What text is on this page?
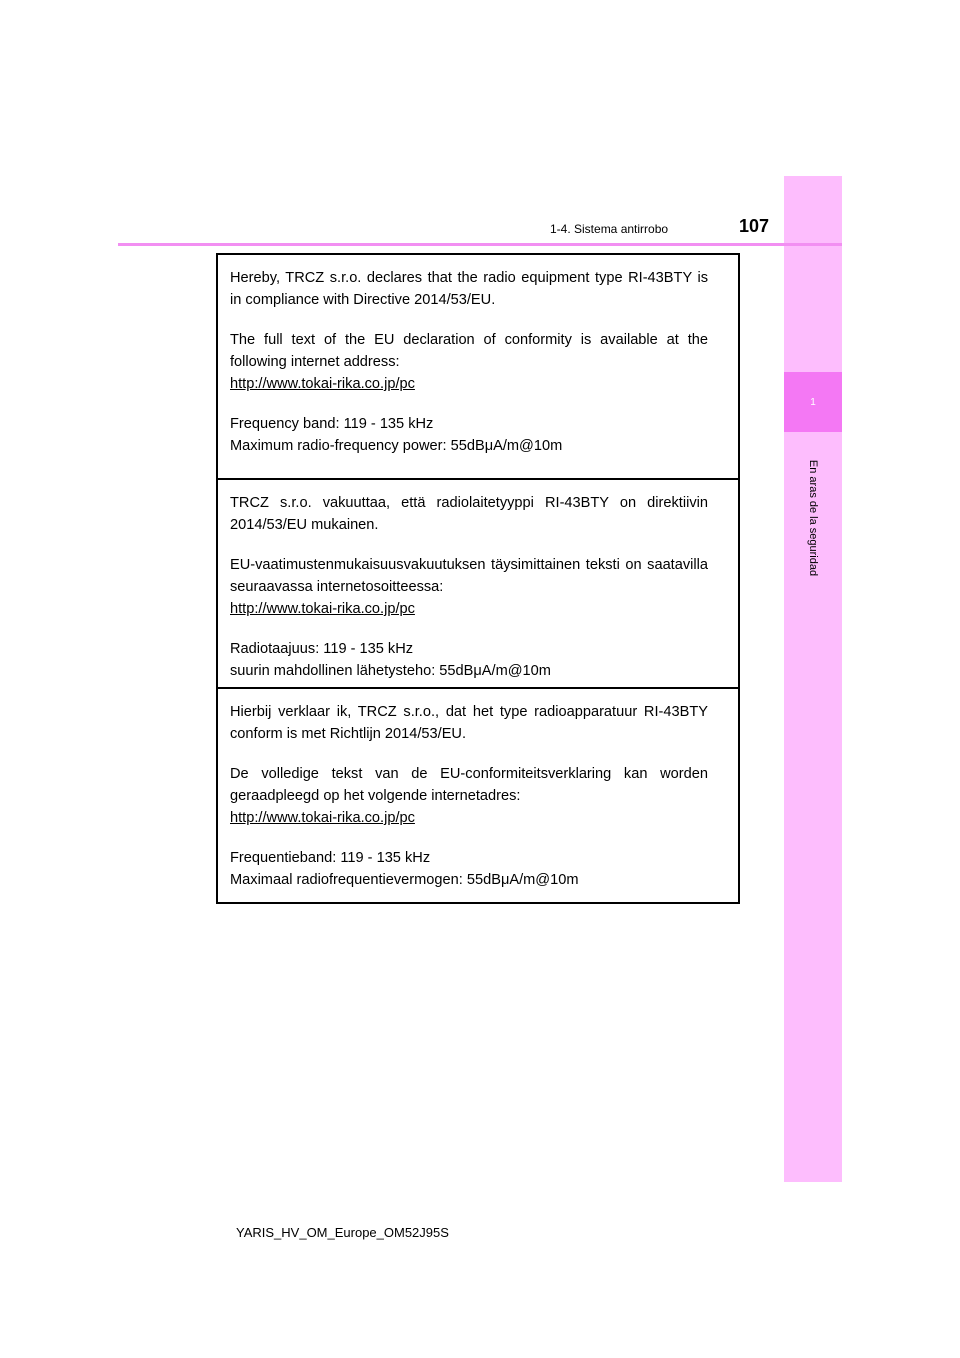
1
En aras de la seguridad
1-4. Sistema antirrobo	107

Hereby, TRCZ s.r.o. declares that the radio equipment type RI-43BTY is in compliance with Directive 2014/53/EU.

The full text of the EU declaration of conformity is available at the following internet address:

http://www.tokai-rika.co.jp/pc

Frequency band: 119 - 135 kHz

Maximum radio-frequency power: 55dBμA/m@10m

TRCZ s.r.o. vakuuttaa, että radiolaitetyyppi RI-43BTY on direktiivin 2014/53/EU mukainen.

EU-vaatimustenmukaisuusvakuutuksen täysimittainen teksti on saatavilla seuraavassa internetosoitteessa:

http://www.tokai-rika.co.jp/pc

Radiotaajuus: 119 - 135 kHz

suurin mahdollinen lähetysteho: 55dBμA/m@10m

Hierbij verklaar ik, TRCZ s.r.o., dat het type radioapparatuur RI-43BTY conform is met Richtlijn 2014/53/EU.

De volledige tekst van de EU-conformiteitsverklaring kan worden geraadpleegd op het volgende internetadres:

http://www.tokai-rika.co.jp/pc

Frequentieband: 119 - 135 kHz

Maximaal radiofrequentievermogen: 55dBμA/m@10m

YARIS_HV_OM_Europe_OM52J95S
